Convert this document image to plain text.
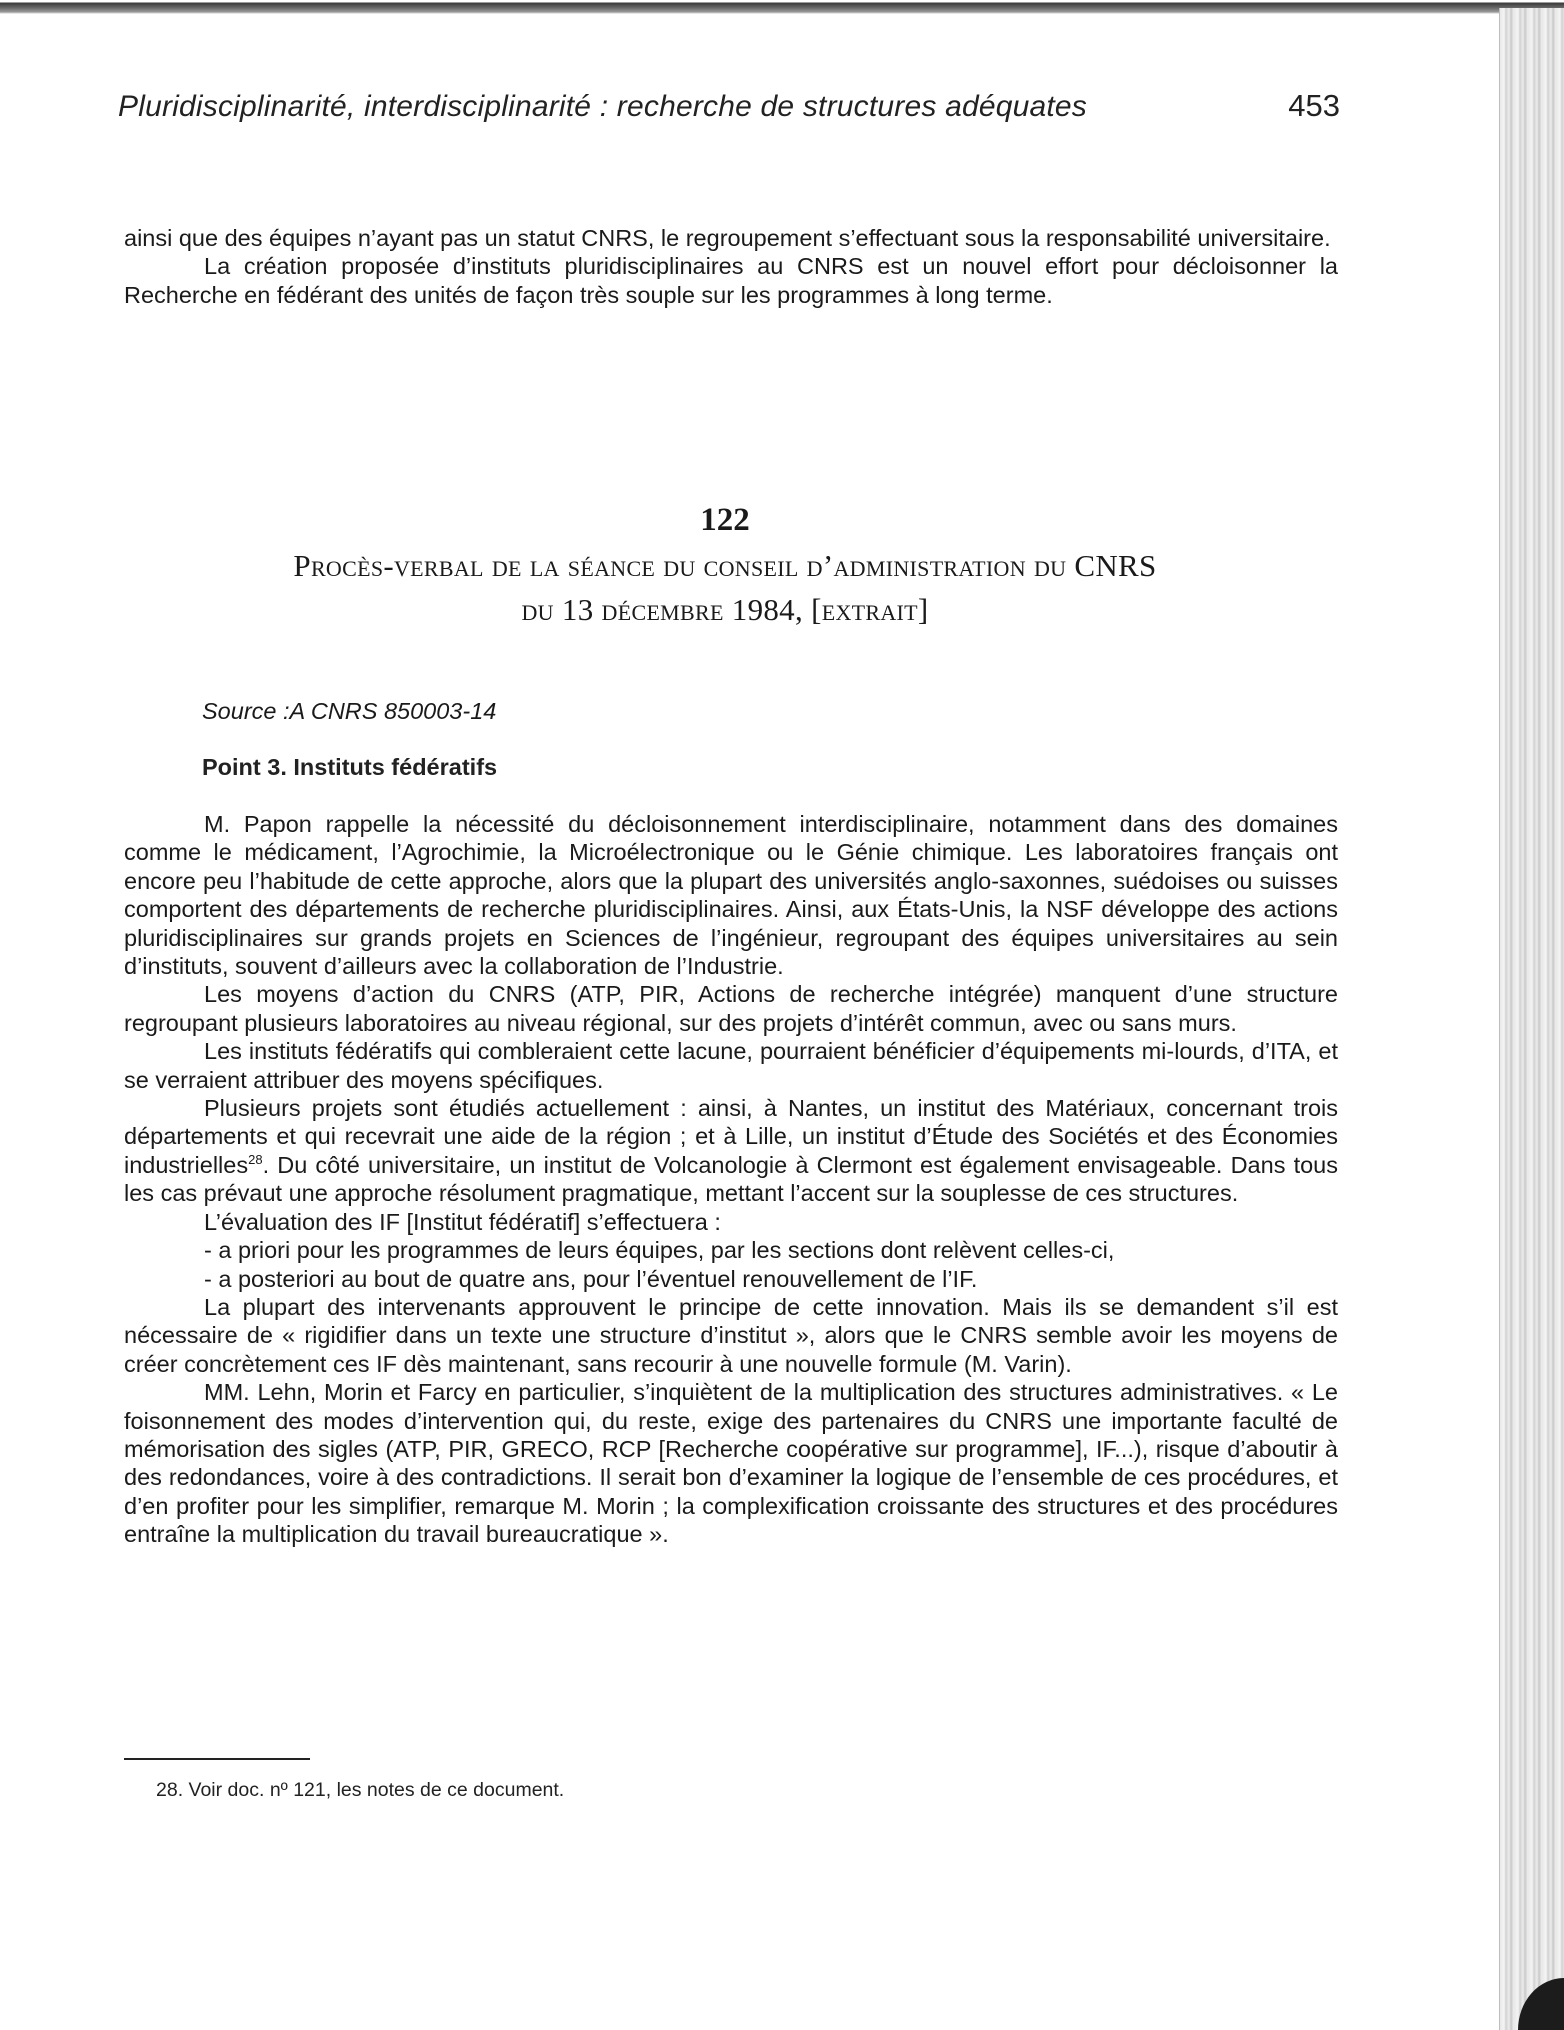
Pluridisciplinarité, interdisciplinarité : recherche de structures adéquates	453

ainsi que des équipes n’ayant pas un statut CNRS, le regroupement s’effectuant sous la responsabilité universitaire.

La création proposée d’instituts pluridisciplinaires au CNRS est un nouvel effort pour décloisonner la Recherche en fédérant des unités de façon très souple sur les programmes à long terme.

122
Procès-verbal de la séance du conseil d’administration du CNRS
du 13 décembre 1984, [extrait]
Source :A CNRS 850003-14
Point 3. Instituts fédératifs

M. Papon rappelle la nécessité du décloisonnement interdisciplinaire, notamment dans des domaines comme le médicament, l’Agrochimie, la Microélectronique ou le Génie chimique. Les laboratoires français ont encore peu l’habitude de cette approche, alors que la plupart des universités anglo-saxonnes, suédoises ou suisses comportent des départements de recherche pluridisciplinaires. Ainsi, aux États-Unis, la NSF développe des actions pluridisciplinaires sur grands projets en Sciences de l’ingénieur, regroupant des équipes universitaires au sein d’instituts, souvent d’ailleurs avec la collaboration de l’Industrie.

Les moyens d’action du CNRS (ATP, PIR, Actions de recherche intégrée) manquent d’une structure regroupant plusieurs laboratoires au niveau régional, sur des projets d’intérêt commun, avec ou sans murs.

Les instituts fédératifs qui combleraient cette lacune, pourraient bénéficier d’équipements mi-lourds, d’ITA, et se verraient attribuer des moyens spécifiques.

Plusieurs projets sont étudiés actuellement : ainsi, à Nantes, un institut des Matériaux, concernant trois départements et qui recevrait une aide de la région ; et à Lille, un institut d’Étude des Sociétés et des Économies industrielles$^{28}$. Du côté universitaire, un institut de Volcanologie à Clermont est également envisageable. Dans tous les cas prévaut une approche résolument pragmatique, mettant l’accent sur la souplesse de ces structures.

L’évaluation des IF [Institut fédératif] s’effectuera :

- a priori pour les programmes de leurs équipes, par les sections dont relèvent celles-ci,

- a posteriori au bout de quatre ans, pour l’éventuel renouvellement de l’IF.

La plupart des intervenants approuvent le principe de cette innovation. Mais ils se demandent s’il est nécessaire de « rigidifier dans un texte une structure d’institut », alors que le CNRS semble avoir les moyens de créer concrètement ces IF dès maintenant, sans recourir à une nouvelle formule (M. Varin).

MM. Lehn, Morin et Farcy en particulier, s’inquiètent de la multiplication des structures administratives. « Le foisonnement des modes d’intervention qui, du reste, exige des partenaires du CNRS une importante faculté de mémorisation des sigles (ATP, PIR, GRECO, RCP [Recherche coopérative sur programme], IF...), risque d’aboutir à des redondances, voire à des contradictions. Il serait bon d’examiner la logique de l’ensemble de ces procédures, et d’en profiter pour les simplifier, remarque M. Morin ; la complexification croissante des structures et des procédures entraîne la multiplication du travail bureaucratique ».

28. Voir doc. nº 121, les notes de ce document.
